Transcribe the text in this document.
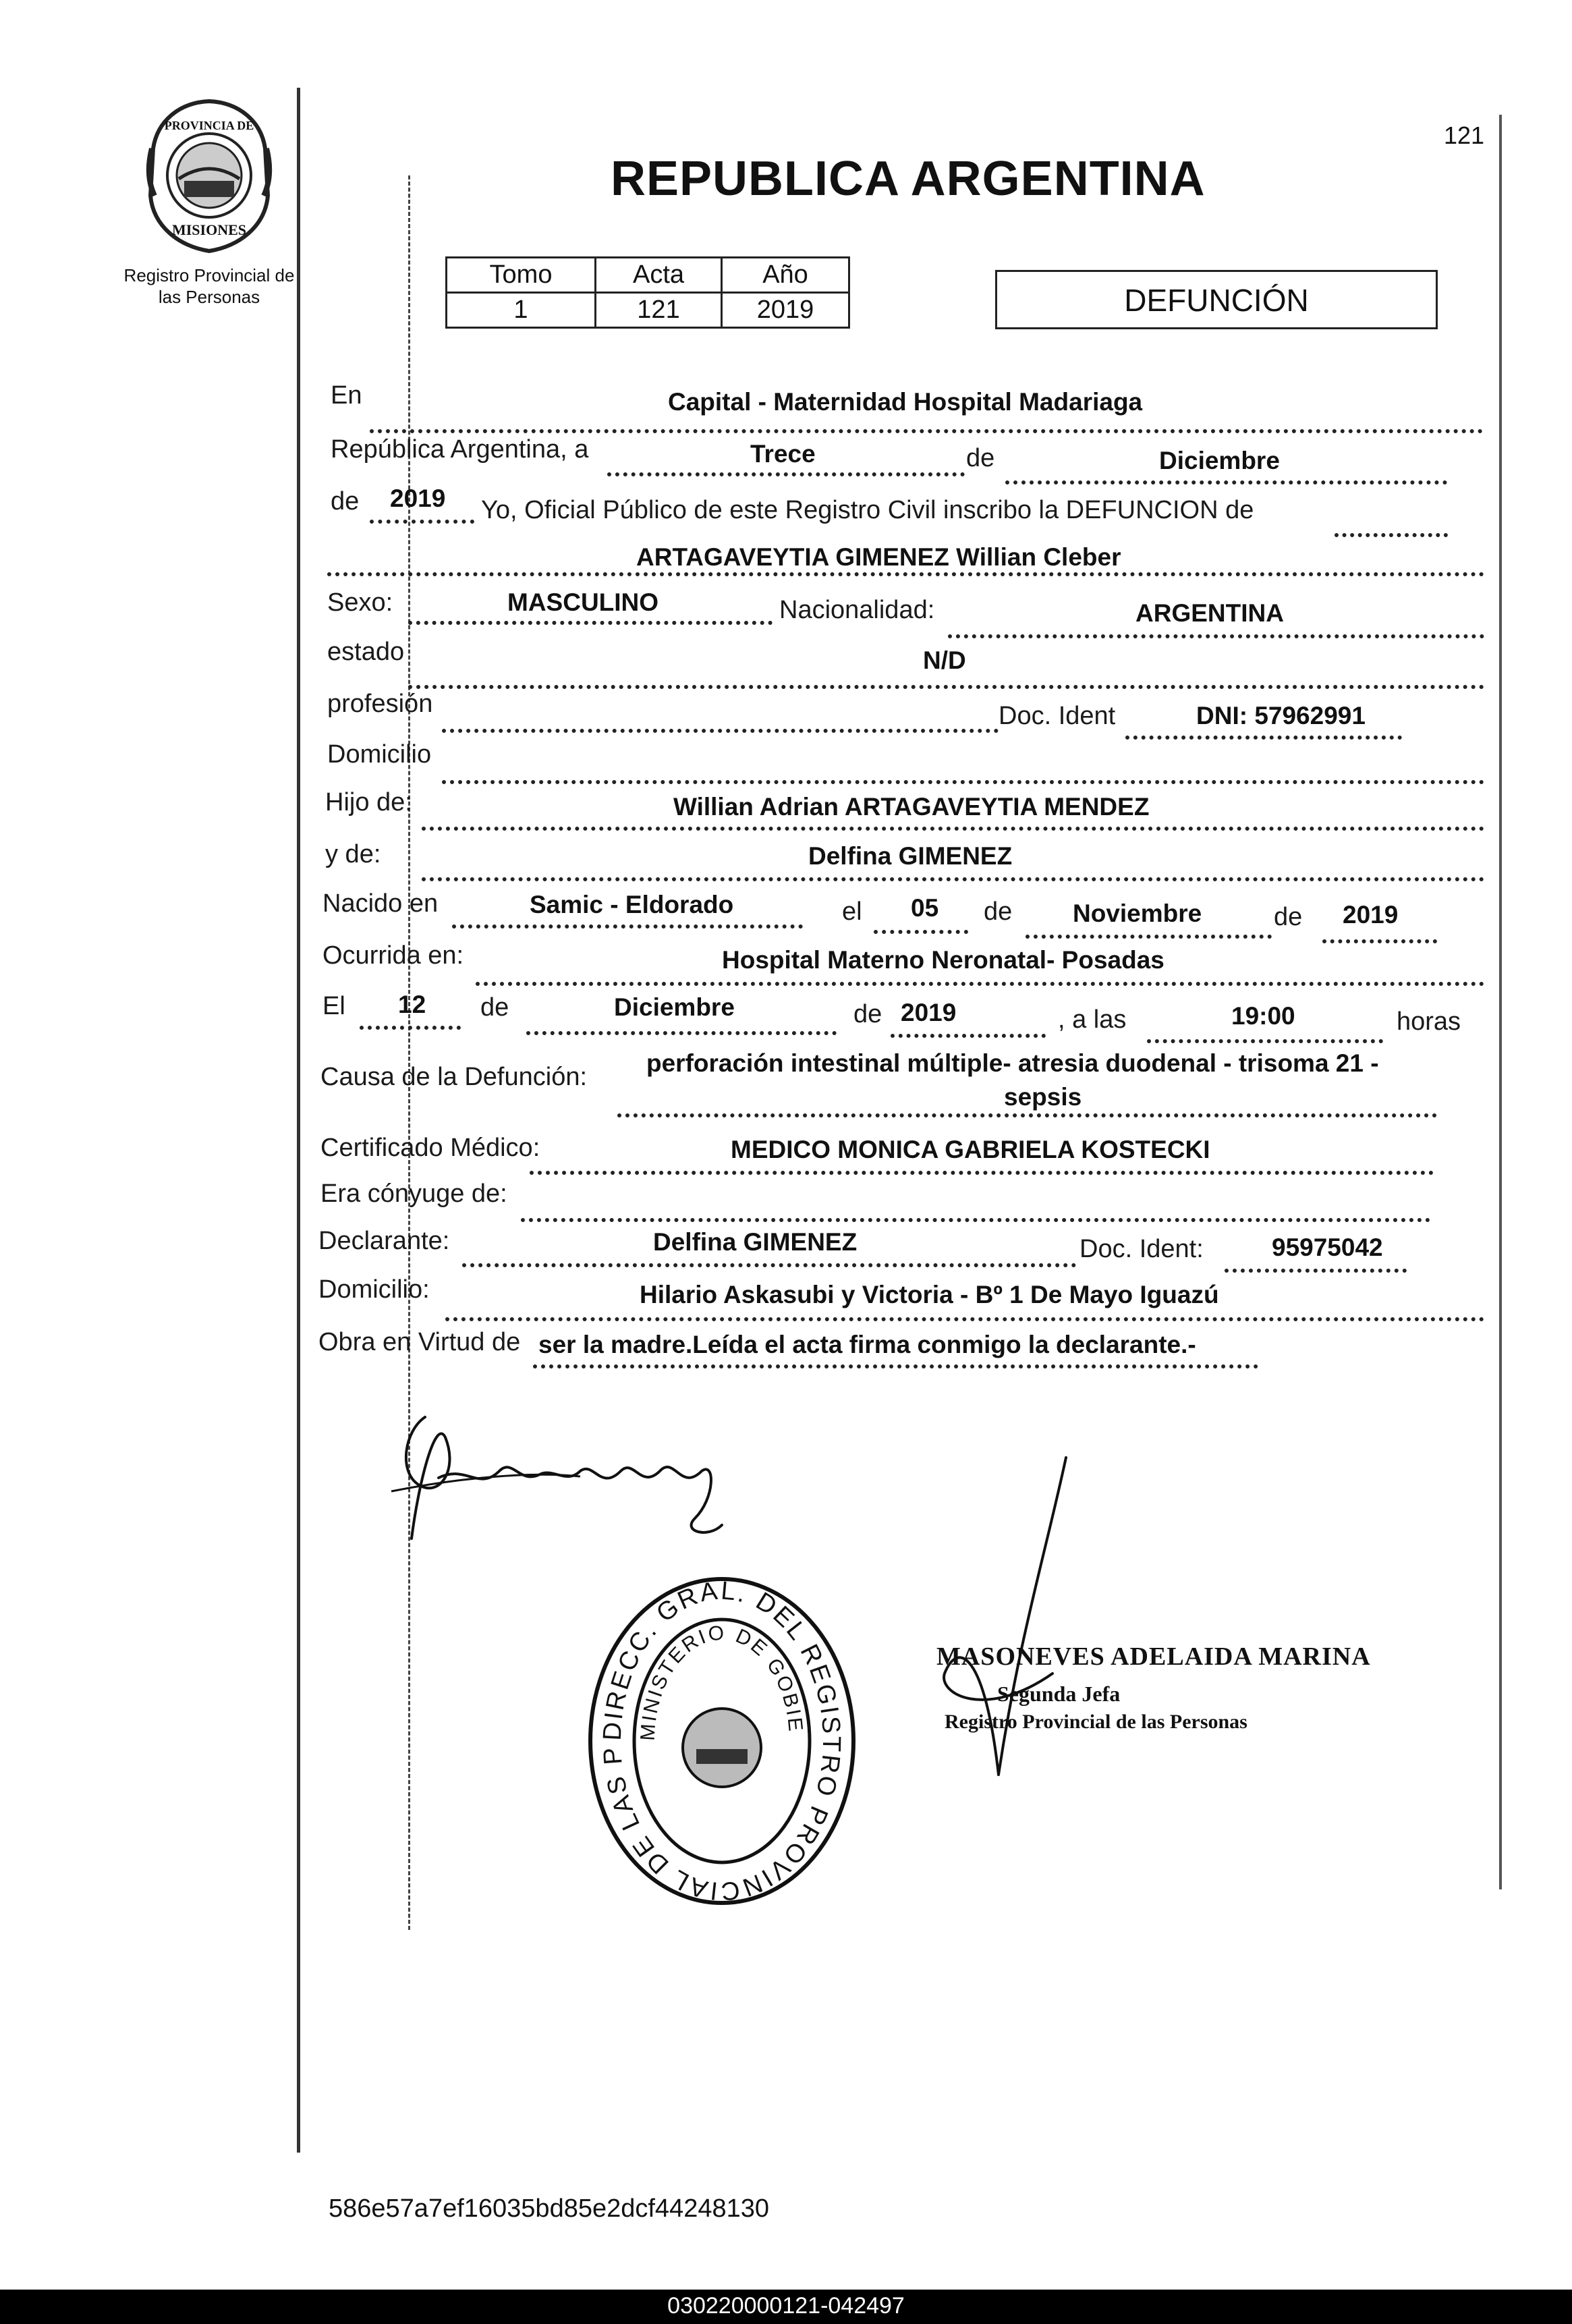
PROVINCIA DE
MISIONES
Registro Provincial de
las Personas
121
REPUBLICA ARGENTINA
Tomo	Acta	Año
1	121	2019	DEFUNCIÓN
En	Capital - Maternidad Hospital Madariaga
República Argentina, a	Trece	de	Diciembre
de 2019 Yo, Oficial Público de este Registro Civil inscribo la DEFUNCION de
ARTAGAVEYTIA GIMENEZ Willian Cleber
Sexo:	MASCULINO	Nacionalidad:	ARGENTINA
estado	N/D
profesión	Doc. Ident	DNI: 57962991
Domicilio
Hijo de:	Willian Adrian ARTAGAVEYTIA MENDEZ
y de:	Delfina GIMENEZ
Nacido en	Samic - Eldorado	el 05 de Noviembre	de 2019
Ocurrida en:	Hospital Materno Neronatal- Posadas
El 12 de	Diciembre	de 2019	, a las	19:00	horas
Causa de la Defunción: perforación intestinal múltiple- atresia duodenal - trisoma 21 -
sepsis
Certificado Médico:	MEDICO MONICA GABRIELA KOSTECKI
Era cónyuge de:
Declarante:	Delfina GIMENEZ	Doc. Ident:	95975042
Domicilio:	Hilario Askasubi y Victoria - Bº 1 De Mayo Iguazú
Obra en Virtud de ser la madre.Leída el acta firma conmigo la declarante.-
DIRECC. GRAL. DEL REGISTRO PROVINCIAL DE LAS P
MINISTERIO DE GOBIE
MASONEVES ADELAIDA MARINA
Segunda Jefa
Registro Provincial de las Personas
586e57a7ef16035bd85e2dcf44248130
030220000121-042497
